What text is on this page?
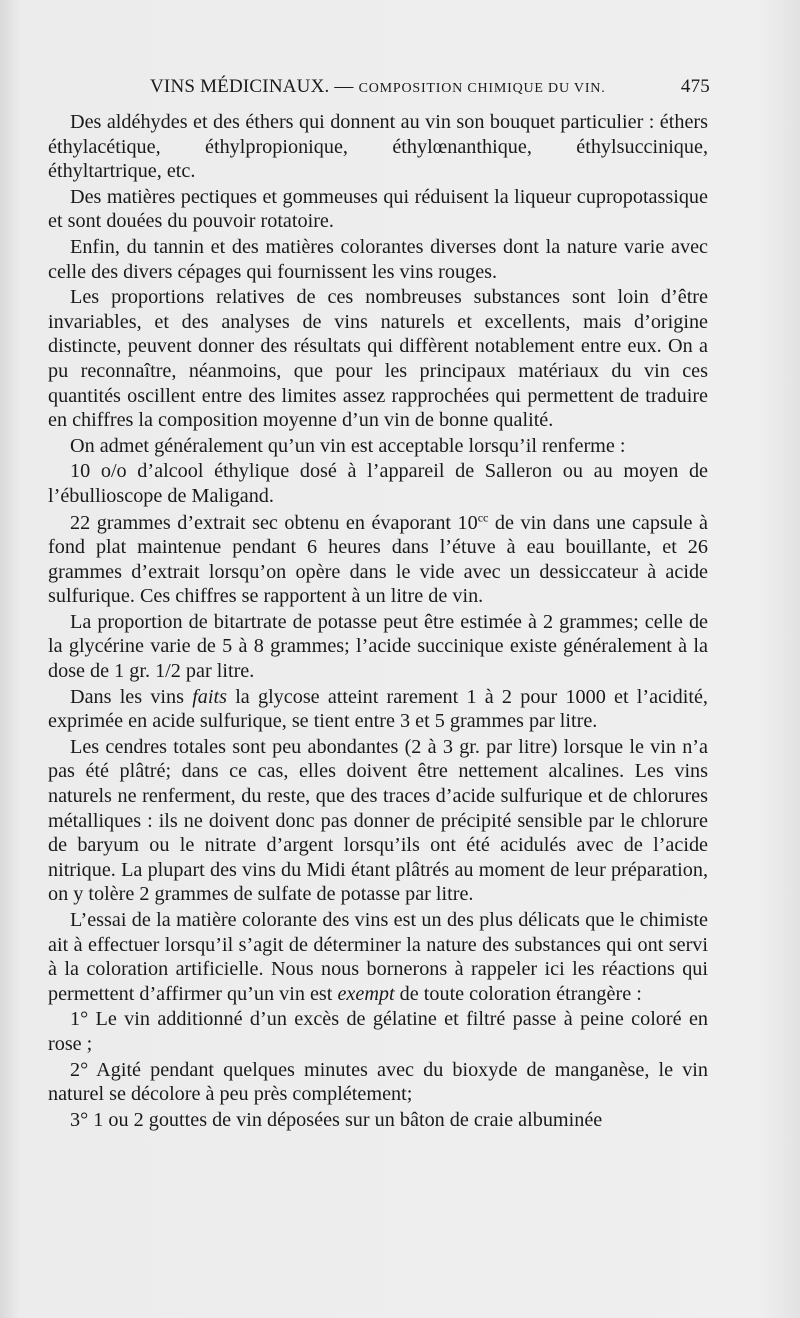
VINS MÉDICINAUX. — COMPOSITION CHIMIQUE DU VIN.	475

Des aldéhydes et des éthers qui donnent au vin son bouquet particulier : éthers éthylacétique, éthylpropionique, éthylœnanthique, éthylsuccinique, éthyltartrique, etc.

Des matières pectiques et gommeuses qui réduisent la liqueur cupropotassique et sont douées du pouvoir rotatoire.

Enfin, du tannin et des matières colorantes diverses dont la nature varie avec celle des divers cépages qui fournissent les vins rouges.

Les proportions relatives de ces nombreuses substances sont loin d’être invariables, et des analyses de vins naturels et excellents, mais d’origine distincte, peuvent donner des résultats qui diffèrent notablement entre eux. On a pu reconnaître, néanmoins, que pour les principaux matériaux du vin ces quantités oscillent entre des limites assez rapprochées qui permettent de traduire en chiffres la composition moyenne d’un vin de bonne qualité.

On admet généralement qu’un vin est acceptable lorsqu’il renferme :

10 o/o d’alcool éthylique dosé à l’appareil de Salleron ou au moyen de l’ébullioscope de Maligand.

22 grammes d’extrait sec obtenu en évaporant $10^{cc}$ de vin dans une capsule à fond plat maintenue pendant 6 heures dans l’étuve à eau bouillante, et 26 grammes d’extrait lorsqu’on opère dans le vide avec un dessiccateur à acide sulfurique. Ces chiffres se rapportent à un litre de vin.

La proportion de bitartrate de potasse peut être estimée à 2 grammes; celle de la glycérine varie de 5 à 8 grammes; l’acide succinique existe généralement à la dose de 1 gr. 1/2 par litre.

Dans les vins faits la glycose atteint rarement 1 à 2 pour 1000 et l’acidité, exprimée en acide sulfurique, se tient entre 3 et 5 grammes par litre.

Les cendres totales sont peu abondantes (2 à 3 gr. par litre) lorsque le vin n’a pas été plâtré; dans ce cas, elles doivent être nettement alcalines. Les vins naturels ne renferment, du reste, que des traces d’acide sulfurique et de chlorures métalliques : ils ne doivent donc pas donner de précipité sensible par le chlorure de baryum ou le nitrate d’argent lorsqu’ils ont été acidulés avec de l’acide nitrique. La plupart des vins du Midi étant plâtrés au moment de leur préparation, on y tolère 2 grammes de sulfate de potasse par litre.

L’essai de la matière colorante des vins est un des plus délicats que le chimiste ait à effectuer lorsqu’il s’agit de déterminer la nature des substances qui ont servi à la coloration artificielle. Nous nous bornerons à rappeler ici les réactions qui permettent d’affirmer qu’un vin est exempt de toute coloration étrangère :

1° Le vin additionné d’un excès de gélatine et filtré passe à peine coloré en rose ;

2° Agité pendant quelques minutes avec du bioxyde de manganèse, le vin naturel se décolore à peu près complétement;

3° 1 ou 2 gouttes de vin déposées sur un bâton de craie albuminée
